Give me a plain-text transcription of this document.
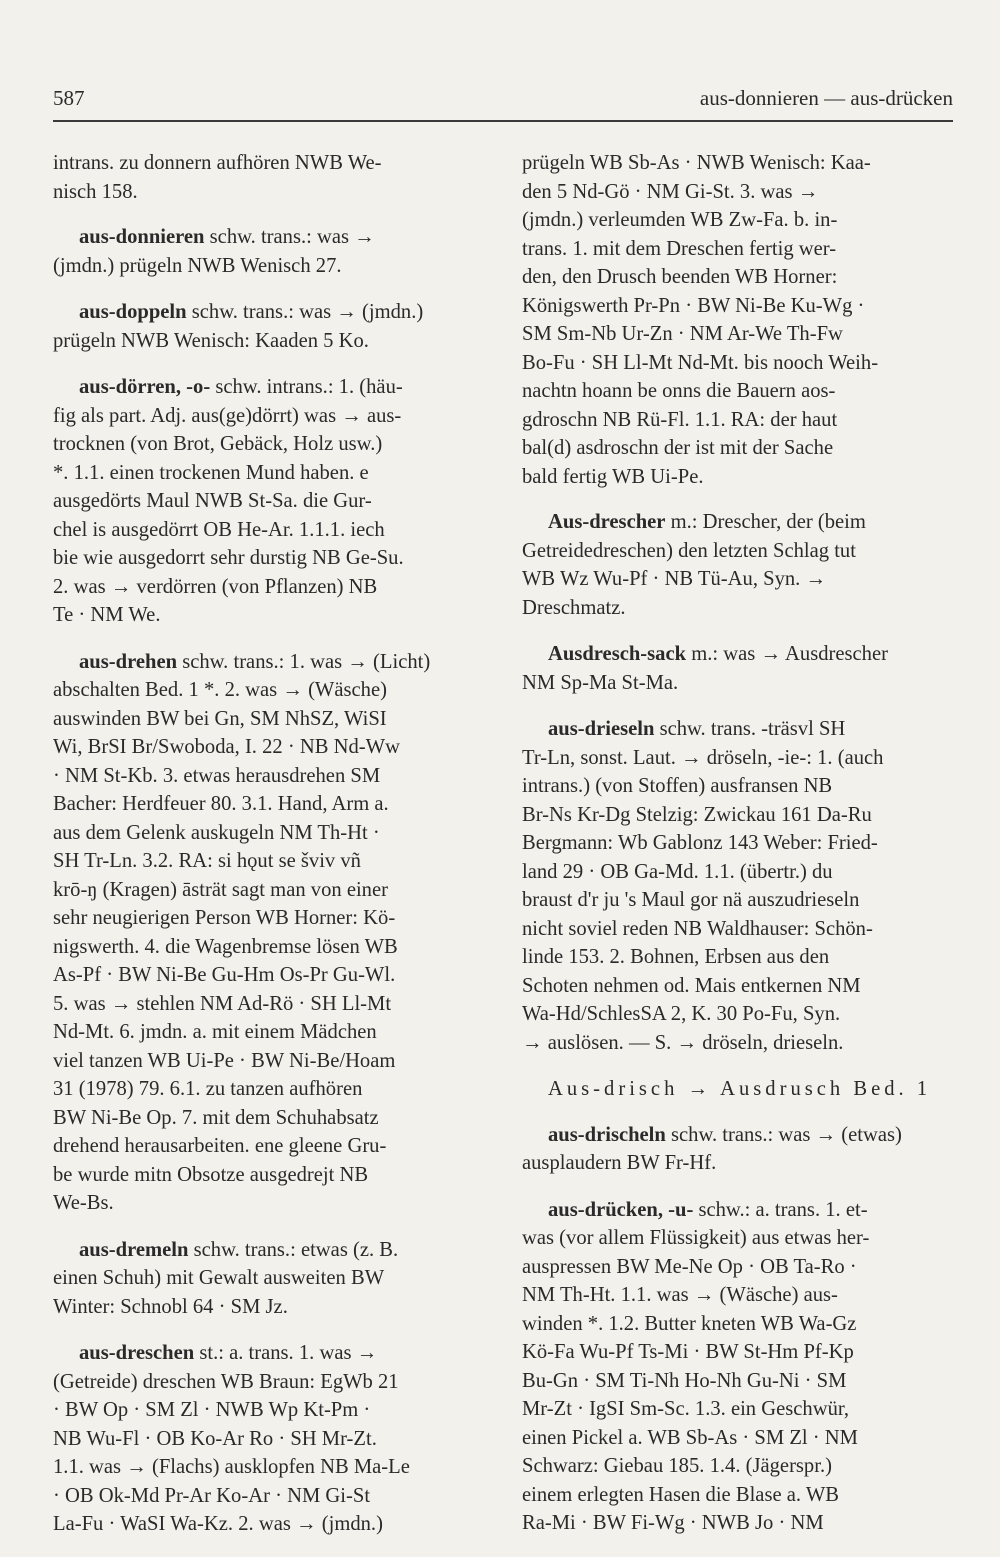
587	aus-donnieren — aus-drücken
intrans. zu donnern aufhören NWB We-
nisch 158.
aus-donnieren schw. trans.: was →
(jmdn.) prügeln NWB Wenisch 27.
aus-doppeln schw. trans.: was → (jmdn.)
prügeln NWB Wenisch: Kaaden 5 Ko.
aus-dörren, -o- schw. intrans.: 1. (häu-
fig als part. Adj. aus(ge)dörrt) was → aus-
trocknen (von Brot, Gebäck, Holz usw.)
*. 1.1. einen trockenen Mund haben. e
ausgedörts Maul NWB St-Sa. die Gur-
chel is ausgedörrt OB He-Ar. 1.1.1. iech
bie wie ausgedorrt sehr durstig NB Ge-Su.
2. was → verdörren (von Pflanzen) NB
Te · NM We.
aus-drehen schw. trans.: 1. was → (Licht)
abschalten Bed. 1 *. 2. was → (Wäsche)
auswinden BW bei Gn, SM NhSZ, WiSI
Wi, BrSI Br/Swoboda, I. 22 · NB Nd-Ww
· NM St-Kb. 3. etwas herausdrehen SM
Bacher: Herdfeuer 80. 3.1. Hand, Arm a.
aus dem Gelenk auskugeln NM Th-Ht ·
SH Tr-Ln. 3.2. RA: si hǫut se šviv vñ
krō-ŋ (Kragen) āsträt sagt man von einer
sehr neugierigen Person WB Horner: Kö-
nigswerth. 4. die Wagenbremse lösen WB
As-Pf · BW Ni-Be Gu-Hm Os-Pr Gu-Wl.
5. was → stehlen NM Ad-Rö · SH Ll-Mt
Nd-Mt. 6. jmdn. a. mit einem Mädchen
viel tanzen WB Ui-Pe · BW Ni-Be/Hoam
31 (1978) 79. 6.1. zu tanzen aufhören
BW Ni-Be Op. 7. mit dem Schuhabsatz
drehend herausarbeiten. ene gleene Gru-
be wurde mitn Obsotze ausgedrejt NB
We-Bs.
aus-dremeln schw. trans.: etwas (z. B.
einen Schuh) mit Gewalt ausweiten BW
Winter: Schnobl 64 · SM Jz.
aus-dreschen st.: a. trans. 1. was →
(Getreide) dreschen WB Braun: EgWb 21
· BW Op · SM Zl · NWB Wp Kt-Pm ·
NB Wu-Fl · OB Ko-Ar Ro · SH Mr-Zt.
1.1. was → (Flachs) ausklopfen NB Ma-Le
· OB Ok-Md Pr-Ar Ko-Ar · NM Gi-St
La-Fu · WaSI Wa-Kz. 2. was → (jmdn.)
prügeln WB Sb-As · NWB Wenisch: Kaa-
den 5 Nd-Gö · NM Gi-St. 3. was →
(jmdn.) verleumden WB Zw-Fa. b. in-
trans. 1. mit dem Dreschen fertig wer-
den, den Drusch beenden WB Horner:
Königswerth Pr-Pn · BW Ni-Be Ku-Wg ·
SM Sm-Nb Ur-Zn · NM Ar-We Th-Fw
Bo-Fu · SH Ll-Mt Nd-Mt. bis nooch Weih-
nachtn hoann be onns die Bauern aos-
gdroschn NB Rü-Fl. 1.1. RA: der haut
bal(d) asdroschn der ist mit der Sache
bald fertig WB Ui-Pe.
Aus-drescher m.: Drescher, der (beim
Getreidedreschen) den letzten Schlag tut
WB Wz Wu-Pf · NB Tü-Au, Syn. →
Dreschmatz.
Ausdresch-sack m.: was → Ausdrescher
NM Sp-Ma St-Ma.
aus-drieseln schw. trans. -träsvl SH
Tr-Ln, sonst. Laut. → dröseln, -ie-: 1. (auch
intrans.) (von Stoffen) ausfransen NB
Br-Ns Kr-Dg Stelzig: Zwickau 161 Da-Ru
Bergmann: Wb Gablonz 143 Weber: Fried-
land 29 · OB Ga-Md. 1.1. (übertr.) du
braust d'r ju 's Maul gor nä auszudrieseln
nicht soviel reden NB Waldhauser: Schön-
linde 153. 2. Bohnen, Erbsen aus den
Schoten nehmen od. Mais entkernen NM
Wa-Hd/SchlesSA 2, K. 30 Po-Fu, Syn.
→ auslösen. — S. → dröseln, drieseln.
Aus-drisch → Ausdrusch Bed. 1
aus-drischeln schw. trans.: was → (etwas)
ausplaudern BW Fr-Hf.
aus-drücken, -u- schw.: a. trans. 1. et-
was (vor allem Flüssigkeit) aus etwas her-
auspressen BW Me-Ne Op · OB Ta-Ro ·
NM Th-Ht. 1.1. was → (Wäsche) aus-
winden *. 1.2. Butter kneten WB Wa-Gz
Kö-Fa Wu-Pf Ts-Mi · BW St-Hm Pf-Kp
Bu-Gn · SM Ti-Nh Ho-Nh Gu-Ni · SM
Mr-Zt · IgSI Sm-Sc. 1.3. ein Geschwür,
einen Pickel a. WB Sb-As · SM Zl · NM
Schwarz: Giebau 185. 1.4. (Jägerspr.)
einem erlegten Hasen die Blase a. WB
Ra-Mi · BW Fi-Wg · NWB Jo · NM
